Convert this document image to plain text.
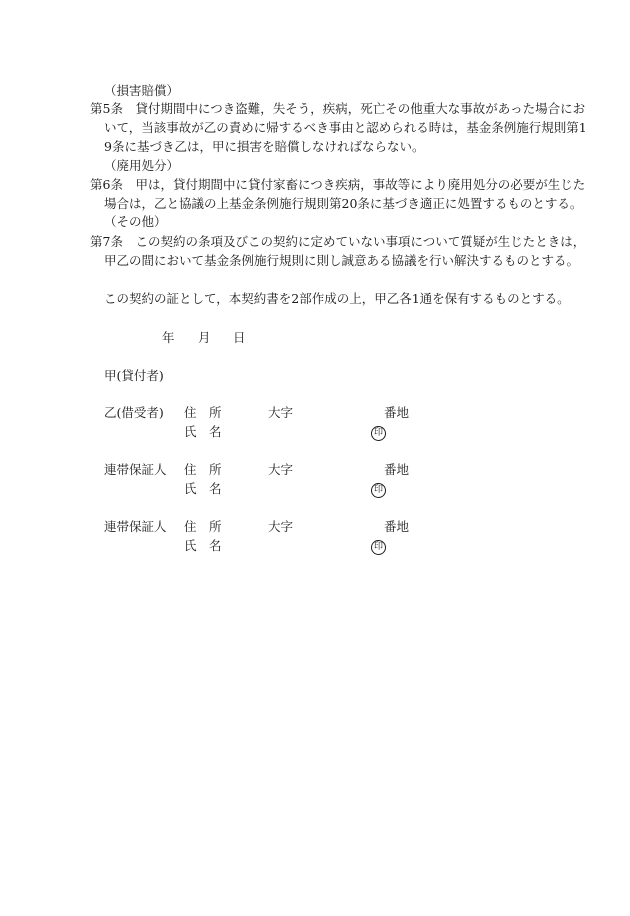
（損害賠償）
第5条　貸付期間中につき盗難，失そう，疾病，死亡その他重大な事故があった場合にお
いて，当該事故が乙の責めに帰するべき事由と認められる時は，基金条例施行規則第1
9条に基づき乙は，甲に損害を賠償しなければならない。
（廃用処分）
第6条　甲は，貸付期間中に貸付家畜につき疾病，事故等により廃用処分の必要が生じた
場合は，乙と協議の上基金条例施行規則第20条に基づき適正に処置するものとする。
（その他）
第7条　この契約の条項及びこの契約に定めていない事項について質疑が生じたときは，
甲乙の間において基金条例施行規則に則し誠意ある協議を行い解決するものとする。
この契約の証として，本契約書を2部作成の上，甲乙各1通を保有するものとする。
年 月 日
甲(貸付者)
乙(借受者) 住　所	大字	番地
氏　名	印
連帯保証人 住　所	大字	番地
氏　名	印
連帯保証人 住　所	大字	番地
氏　名	印
